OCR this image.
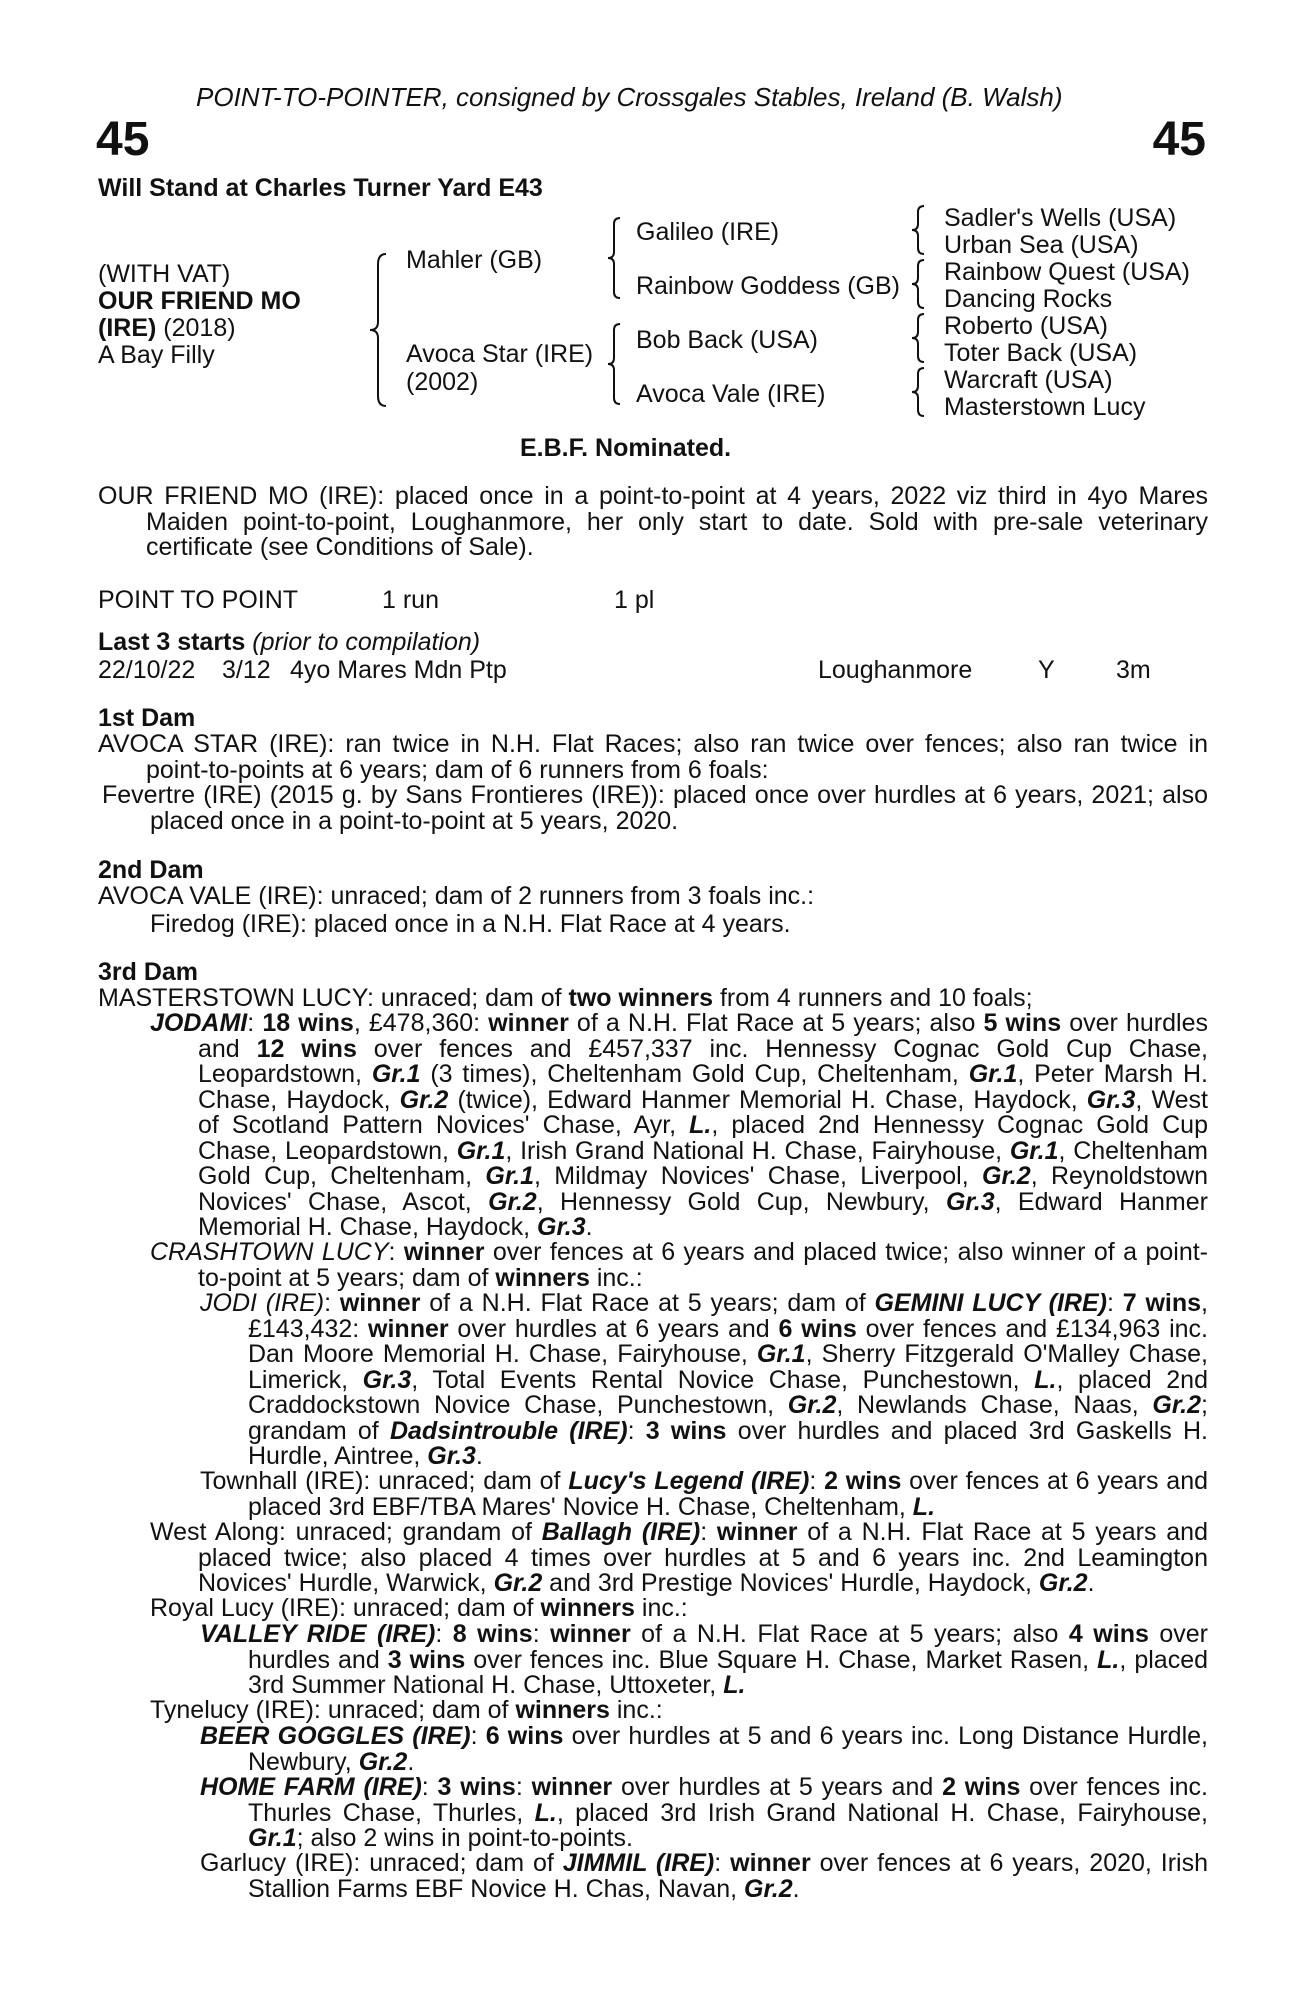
POINT-TO-POINTER, consigned by Crossgales Stables, Ireland (B. Walsh)
45	45
Will Stand at Charles Turner Yard E43
(WITH VAT)
OUR FRIEND MO
(IRE) (2018)
A Bay Filly
Mahler (GB)
Avoca Star (IRE)
(2002)
Galileo (IRE)
Rainbow Goddess (GB)
Bob Back (USA)
Avoca Vale (IRE)
Sadler's Wells (USA)
Urban Sea (USA)
Rainbow Quest (USA)
Dancing Rocks
Roberto (USA)
Toter Back (USA)
Warcraft (USA)
Masterstown Lucy
E.B.F. Nominated.
OUR FRIEND MO (IRE): placed once in a point-to-point at 4 years, 2022 viz third in 4yo Mares Maiden point-to-point, Loughanmore, her only start to date. Sold with pre-sale veterinary certificate (see Conditions of Sale).
POINT TO POINT	1 run	1 pl
Last 3 starts (prior to compilation)
22/10/22 3/12 4yo Mares Mdn Ptp	Loughanmore	Y 3m
1st Dam
AVOCA STAR (IRE): ran twice in N.H. Flat Races; also ran twice over fences; also ran twice in point-to-points at 6 years; dam of 6 runners from 6 foals:
Fevertre (IRE) (2015 g. by Sans Frontieres (IRE)): placed once over hurdles at 6 years, 2021; also placed once in a point-to-point at 5 years, 2020.
2nd Dam
AVOCA VALE (IRE): unraced; dam of 2 runners from 3 foals inc.:
Firedog (IRE): placed once in a N.H. Flat Race at 4 years.
3rd Dam
MASTERSTOWN LUCY: unraced; dam of two winners from 4 runners and 10 foals;
JODAMI: 18 wins, £478,360: winner of a N.H. Flat Race at 5 years; also 5 wins over hurdles and 12 wins over fences and £457,337 inc. Hennessy Cognac Gold Cup Chase, Leopardstown, Gr.1 (3 times), Cheltenham Gold Cup, Cheltenham, Gr.1, Peter Marsh H. Chase, Haydock, Gr.2 (twice), Edward Hanmer Memorial H. Chase, Haydock, Gr.3, West of Scotland Pattern Novices' Chase, Ayr, L., placed 2nd Hennessy Cognac Gold Cup Chase, Leopardstown, Gr.1, Irish Grand National H. Chase, Fairyhouse, Gr.1, Cheltenham Gold Cup, Cheltenham, Gr.1, Mildmay Novices' Chase, Liverpool, Gr.2, Reynoldstown Novices' Chase, Ascot, Gr.2, Hennessy Gold Cup, Newbury, Gr.3, Edward Hanmer Memorial H. Chase, Haydock, Gr.3.
CRASHTOWN LUCY: winner over fences at 6 years and placed twice; also winner of a point-to-point at 5 years; dam of winners inc.:
JODI (IRE): winner of a N.H. Flat Race at 5 years; dam of GEMINI LUCY (IRE): 7 wins, £143,432: winner over hurdles at 6 years and 6 wins over fences and £134,963 inc. Dan Moore Memorial H. Chase, Fairyhouse, Gr.1, Sherry Fitzgerald O'Malley Chase, Limerick, Gr.3, Total Events Rental Novice Chase, Punchestown, L., placed 2nd Craddockstown Novice Chase, Punchestown, Gr.2, Newlands Chase, Naas, Gr.2; grandam of Dadsintrouble (IRE): 3 wins over hurdles and placed 3rd Gaskells H. Hurdle, Aintree, Gr.3.
Townhall (IRE): unraced; dam of Lucy's Legend (IRE): 2 wins over fences at 6 years and placed 3rd EBF/TBA Mares' Novice H. Chase, Cheltenham, L.
West Along: unraced; grandam of Ballagh (IRE): winner of a N.H. Flat Race at 5 years and placed twice; also placed 4 times over hurdles at 5 and 6 years inc. 2nd Leamington Novices' Hurdle, Warwick, Gr.2 and 3rd Prestige Novices' Hurdle, Haydock, Gr.2.
Royal Lucy (IRE): unraced; dam of winners inc.:
VALLEY RIDE (IRE): 8 wins: winner of a N.H. Flat Race at 5 years; also 4 wins over hurdles and 3 wins over fences inc. Blue Square H. Chase, Market Rasen, L., placed 3rd Summer National H. Chase, Uttoxeter, L.
Tynelucy (IRE): unraced; dam of winners inc.:
BEER GOGGLES (IRE): 6 wins over hurdles at 5 and 6 years inc. Long Distance Hurdle, Newbury, Gr.2.
HOME FARM (IRE): 3 wins: winner over hurdles at 5 years and 2 wins over fences inc. Thurles Chase, Thurles, L., placed 3rd Irish Grand National H. Chase, Fairyhouse, Gr.1; also 2 wins in point-to-points.
Garlucy (IRE): unraced; dam of JIMMIL (IRE): winner over fences at 6 years, 2020, Irish Stallion Farms EBF Novice H. Chas, Navan, Gr.2.
